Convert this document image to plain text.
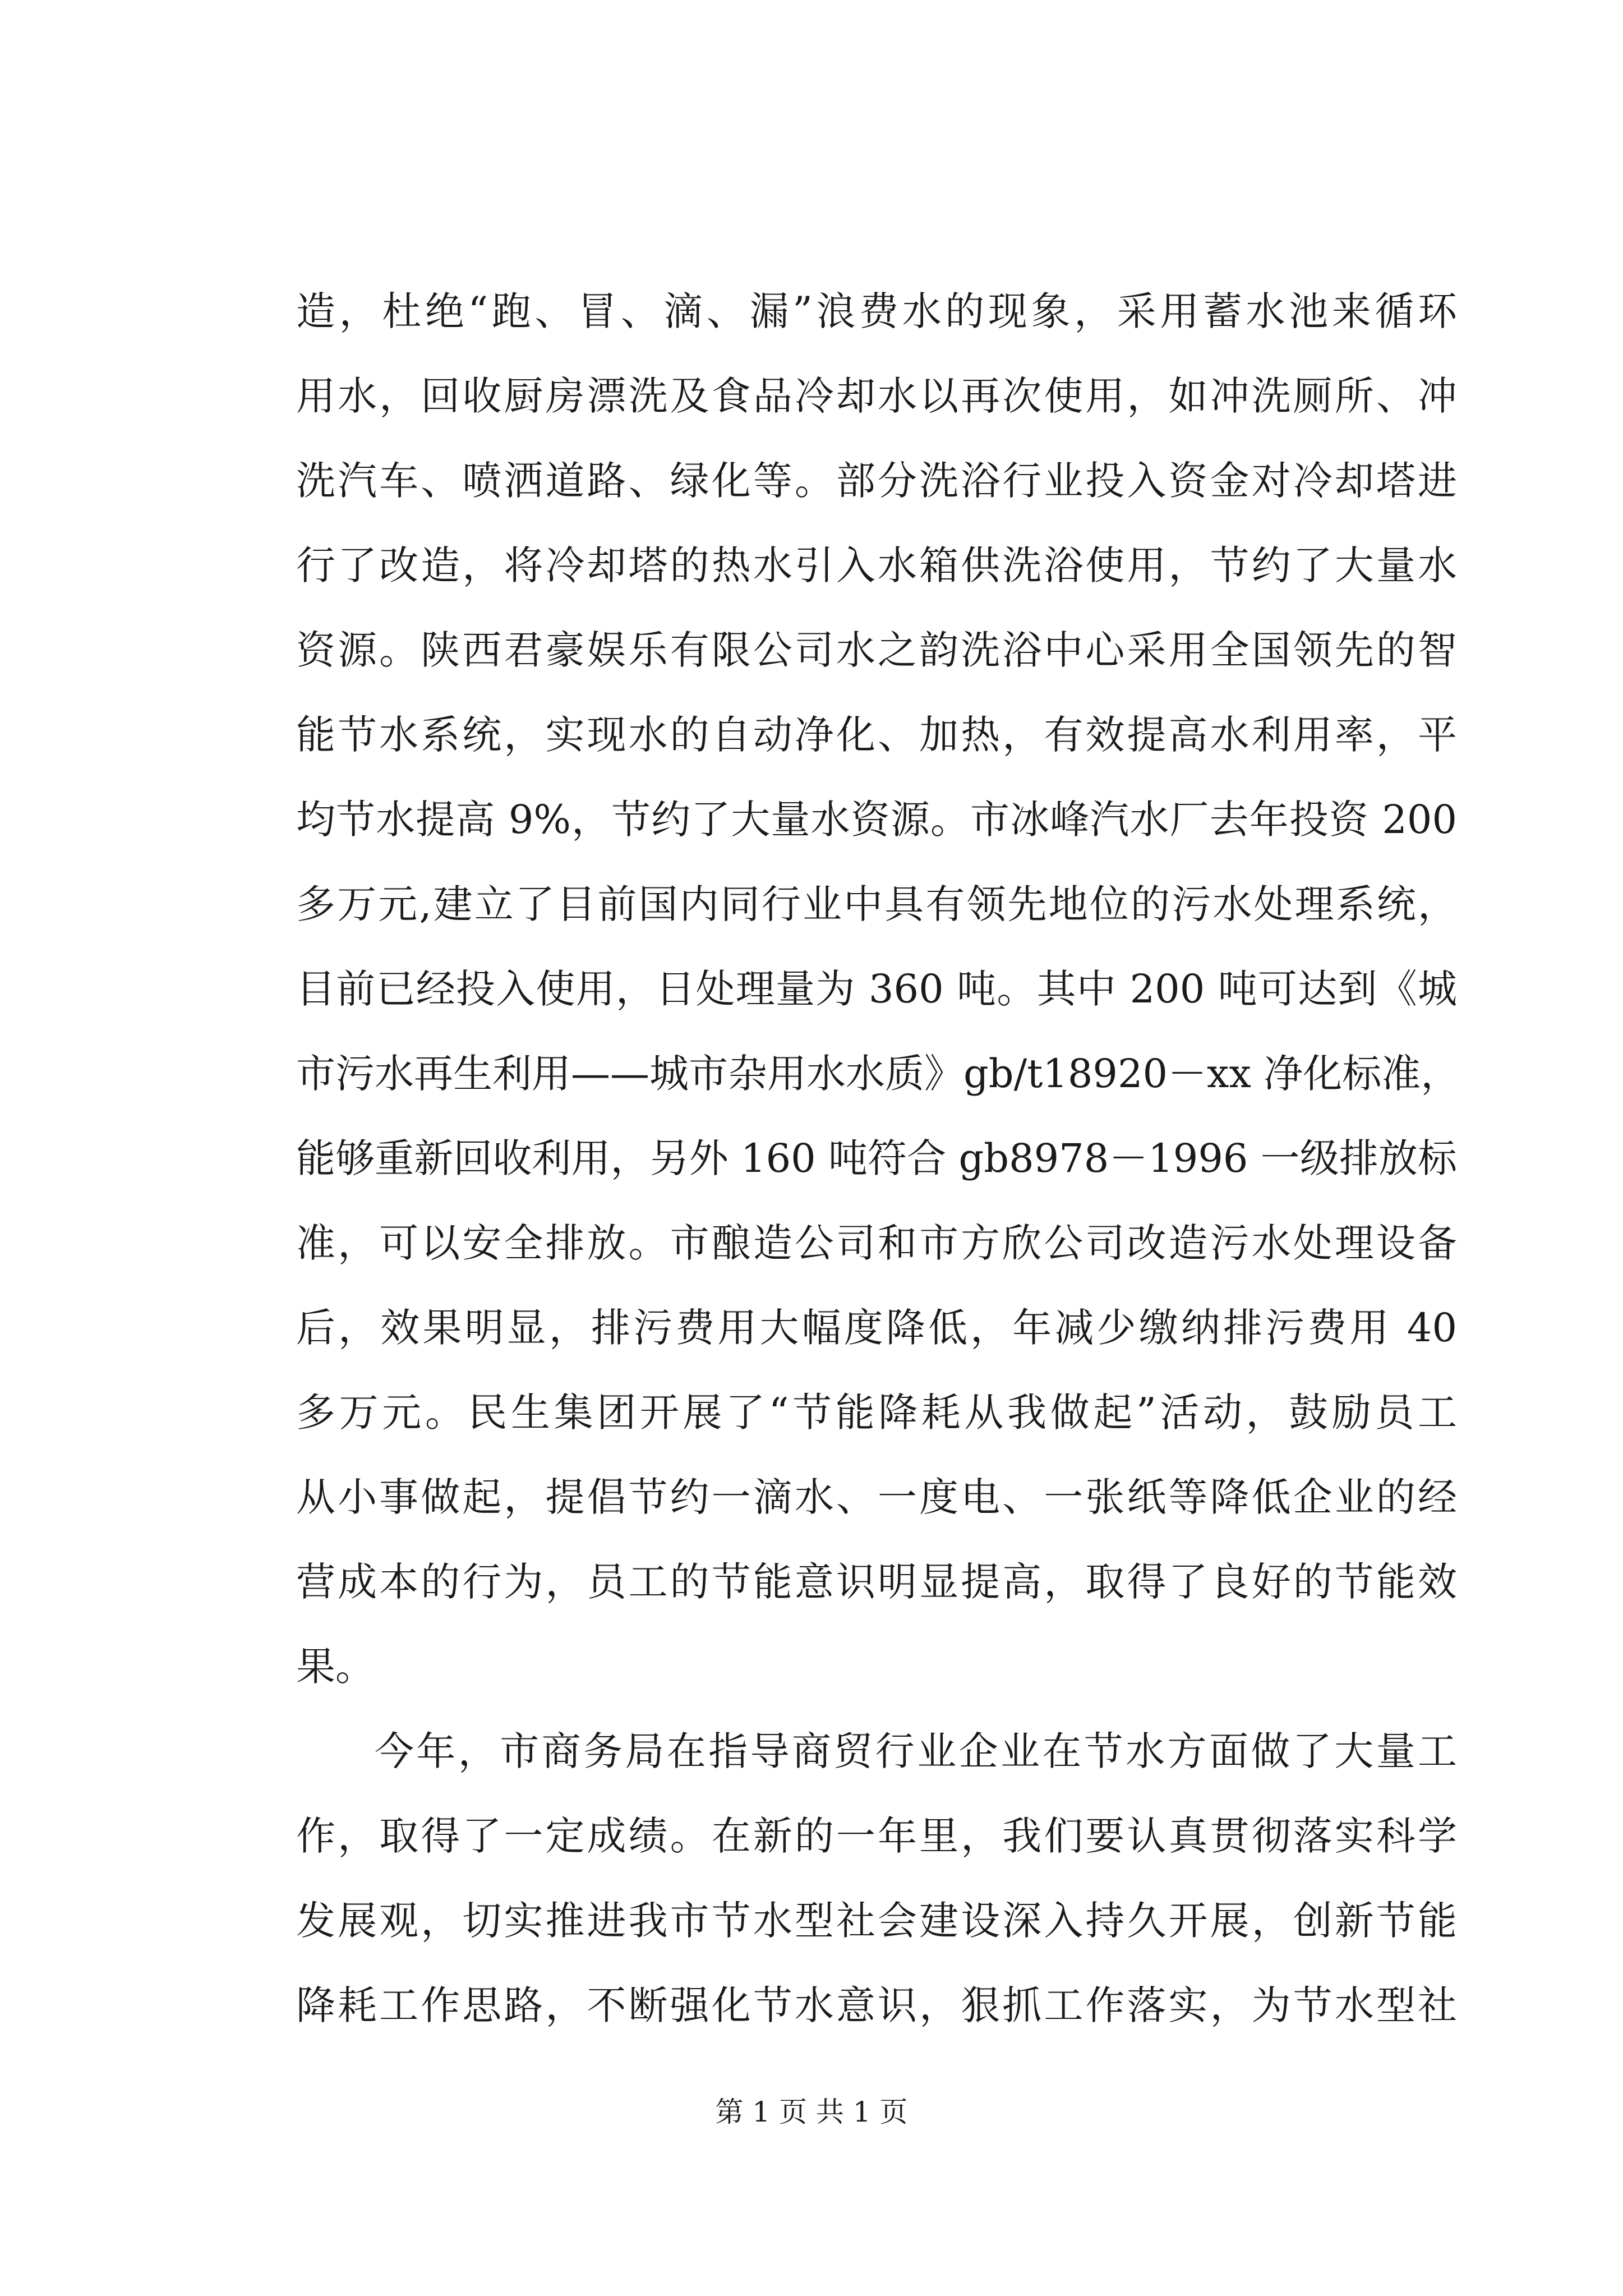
造，杜绝“跑、冒、滴、漏”浪费水的现象，采用蓄水池来循环
用水，回收厨房漂洗及食品冷却水以再次使用，如冲洗厕所、冲
洗汽车、喷洒道路、绿化等。部分洗浴行业投入资金对冷却塔进
行了改造，将冷却塔的热水引入水箱供洗浴使用，节约了大量水
资源。陕西君豪娱乐有限公司水之韵洗浴中心采用全国领先的智
能节水系统，实现水的自动净化、加热，有效提高水利用率，平
均节水提高 9%，节约了大量水资源。市冰峰汽水厂去年投资 200
多万元,建立了目前国内同行业中具有领先地位的污水处理系统，
目前已经投入使用，日处理量为 360 吨。其中 200 吨可达到《城
市污水再生利用——城市杂用水水质》gb/t18920－xx 净化标准，
能够重新回收利用，另外 160 吨符合 gb8978－1996 一级排放标
准，可以安全排放。市酿造公司和市方欣公司改造污水处理设备
后，效果明显，排污费用大幅度降低，年减少缴纳排污费用 40
多万元。民生集团开展了“节能降耗从我做起”活动，鼓励员工
从小事做起，提倡节约一滴水、一度电、一张纸等降低企业的经
营成本的行为，员工的节能意识明显提高，取得了良好的节能效
果。
今年，市商务局在指导商贸行业企业在节水方面做了大量工
作，取得了一定成绩。在新的一年里，我们要认真贯彻落实科学
发展观，切实推进我市节水型社会建设深入持久开展，创新节能
降耗工作思路，不断强化节水意识，狠抓工作落实，为节水型社
第 1 页 共 1 页
